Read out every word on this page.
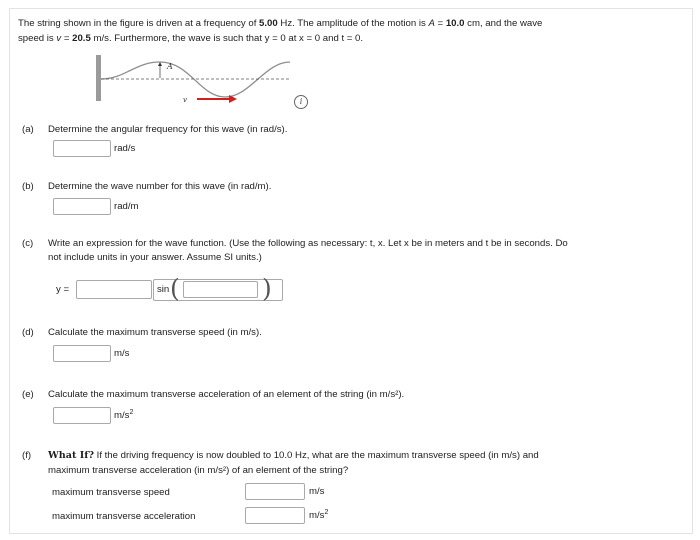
The string shown in the figure is driven at a frequency of 5.00 Hz. The amplitude of the motion is A = 10.0 cm, and the wave
speed is v = 20.5 m/s. Furthermore, the wave is such that y = 0 at x = 0 and t = 0.
A
v	i
(a) Determine the angular frequency for this wave (in rad/s).
rad/s
(b) Determine the wave number for this wave (in rad/m).
rad/m
(c)	Write an expression for the wave function. (Use the following as necessary: t, x. Let x be in meters and t be in seconds. Do
not include units in your answer. Assume SI units.)
y =	sin (	)
(d) Calculate the maximum transverse speed (in m/s).
m/s
(e) Calculate the maximum transverse acceleration of an element of the string (in m/s²).
$m/s^2$
(f)	What If? If the driving frequency is now doubled to 10.0 Hz, what are the maximum transverse speed (in m/s) and
maximum transverse acceleration (in m/s²) of an element of the string?
maximum transverse speed	m/s
maximum transverse acceleration	$m/s^2$
